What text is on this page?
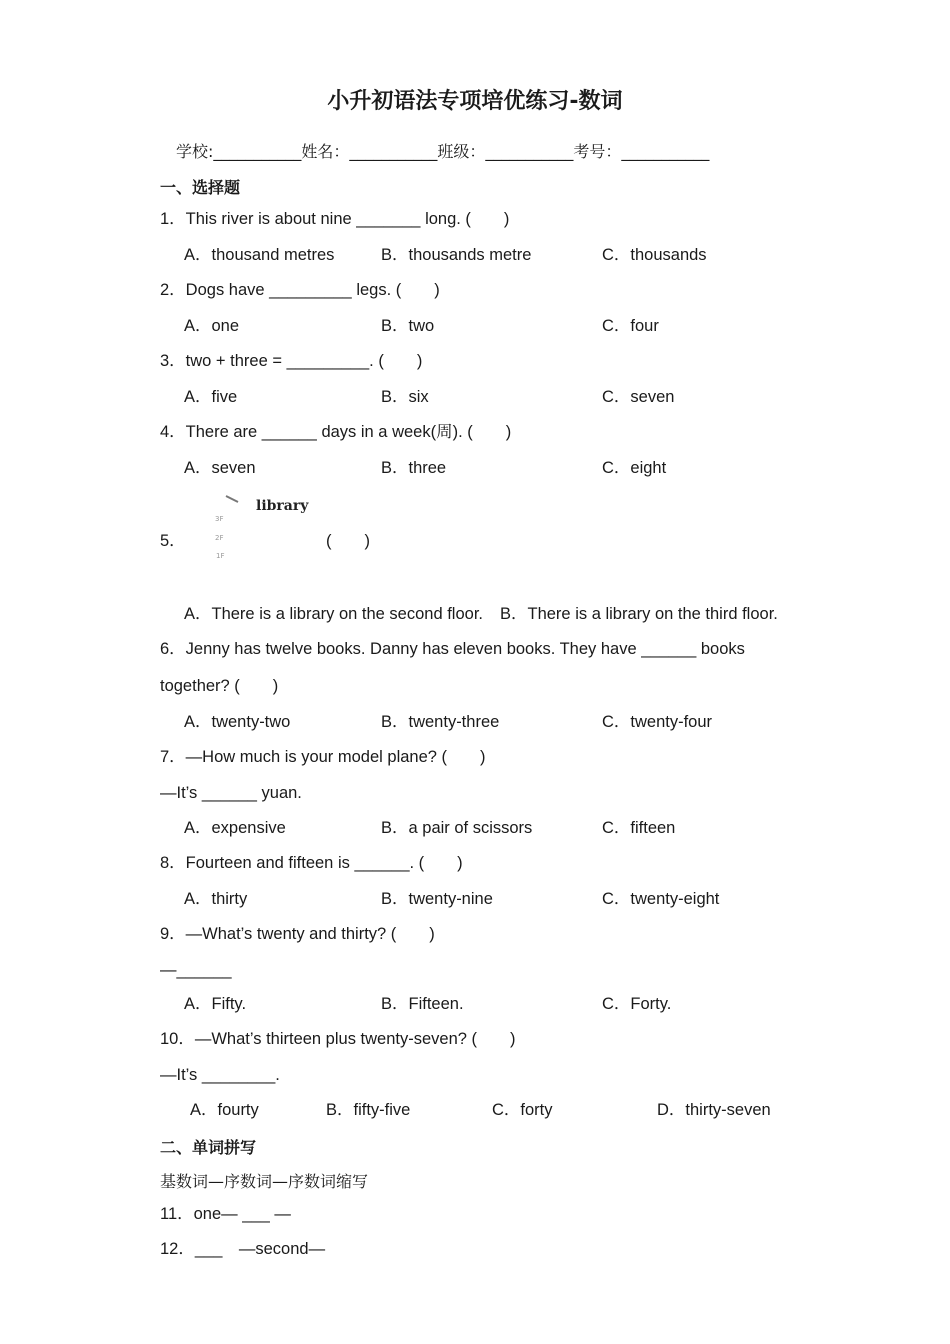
小升初语法专项培优练习-数词
学校:___________姓名：___________班级：___________考号：___________
一、选择题
1．This river is about nine _______ long. (　　)
A．thousand metres	B．thousands metre	C．thousands
2．Dogs have _________ legs. (　　)
A．one	B．two	C．four
3．two + three = _________. (　　)
A．five	B．six	C．seven
4．There are ______ days in a week(周). (　　)
A．seven	B．three	C．eight
5．
library
3F
2F
1F
(　　)
A．There is a library on the second floor. B．There is a library on the third floor.
6．Jenny has twelve books. Danny has eleven books. They have ______ books
together? (　　)
A．twenty-two	B．twenty-three	C．twenty-four
7．—How much is your model plane? (　　)
—It’s ______ yuan.
A．expensive	B．a pair of scissors	C．fifteen
8．Fourteen and fifteen is ______. (　　)
A．thirty	B．twenty-nine	C．twenty-eight
9．—What’s twenty and thirty? (　　)
—______
A．Fifty.	B．Fifteen.	C．Forty.
10．—What’s thirteen plus twenty-seven? (　　)
—It’s ________.
A．fourty	B．fifty-five	C．forty	D．thirty-seven
二、单词拼写
基数词—序数词—序数词缩写
11．one— ___ —
12．___　—second—
